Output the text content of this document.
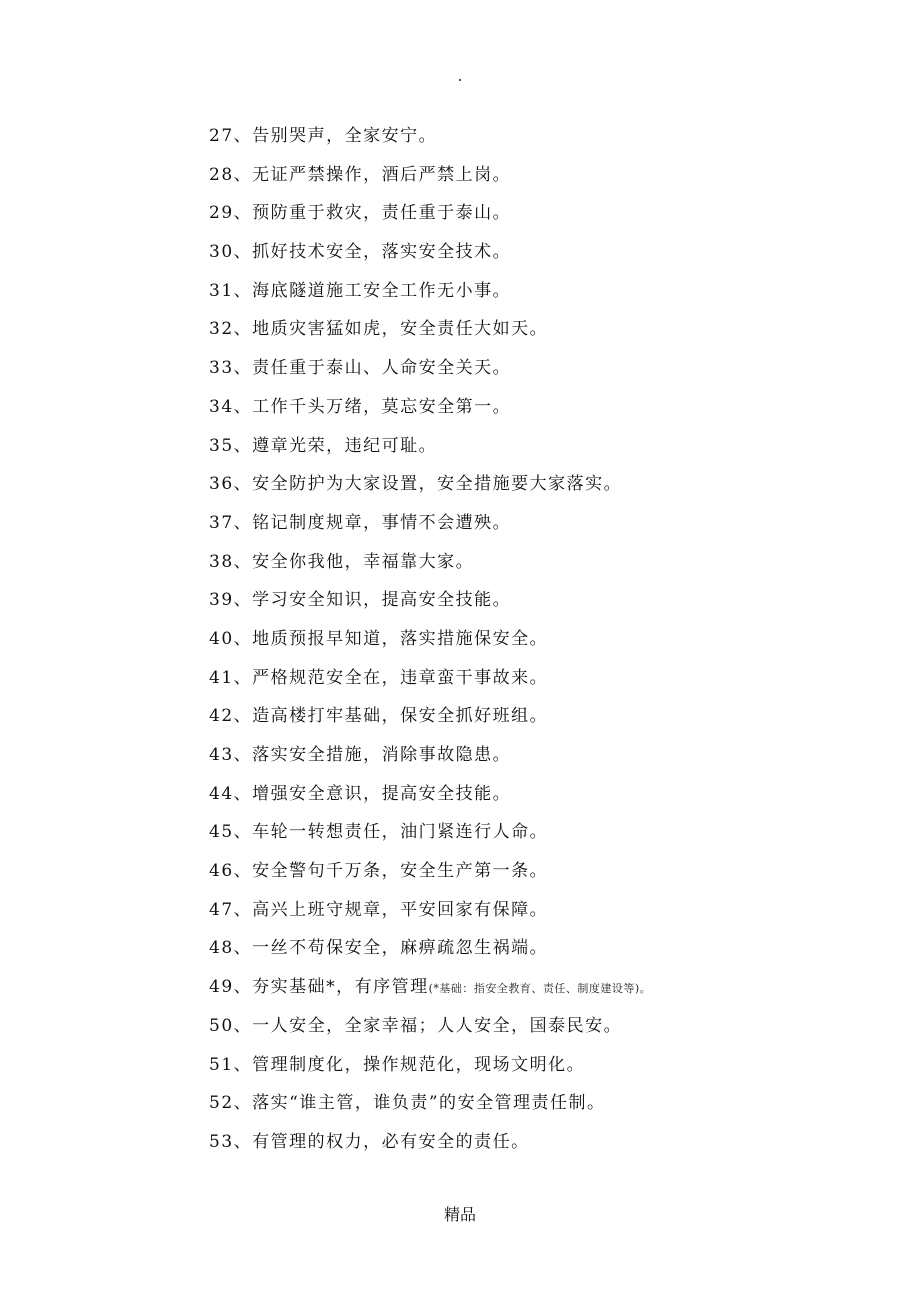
.
27、告别哭声，全家安宁。
28、无证严禁操作，酒后严禁上岗。
29、预防重于救灾，责任重于泰山。
30、抓好技术安全，落实安全技术。
31、海底隧道施工安全工作无小事。
32、地质灾害猛如虎，安全责任大如天。
33、责任重于泰山、人命安全关天。
34、工作千头万绪，莫忘安全第一。
35、遵章光荣，违纪可耻。
36、安全防护为大家设置，安全措施要大家落实。
37、铭记制度规章，事情不会遭殃。
38、安全你我他，幸福靠大家。
39、学习安全知识，提高安全技能。
40、地质预报早知道，落实措施保安全。
41、严格规范安全在，违章蛮干事故来。
42、造高楼打牢基础，保安全抓好班组。
43、落实安全措施，消除事故隐患。
44、增强安全意识，提高安全技能。
45、车轮一转想责任，油门紧连行人命。
46、安全警句千万条，安全生产第一条。
47、高兴上班守规章，平安回家有保障。
48、一丝不苟保安全，麻痹疏忽生祸端。
49、夯实基础*，有序管理(*基础：指安全教育、责任、制度建设等)。
50、一人安全，全家幸福；人人安全，国泰民安。
51、管理制度化，操作规范化，现场文明化。
52、落实“谁主管，谁负责”的安全管理责任制。
53、有管理的权力，必有安全的责任。
精品
